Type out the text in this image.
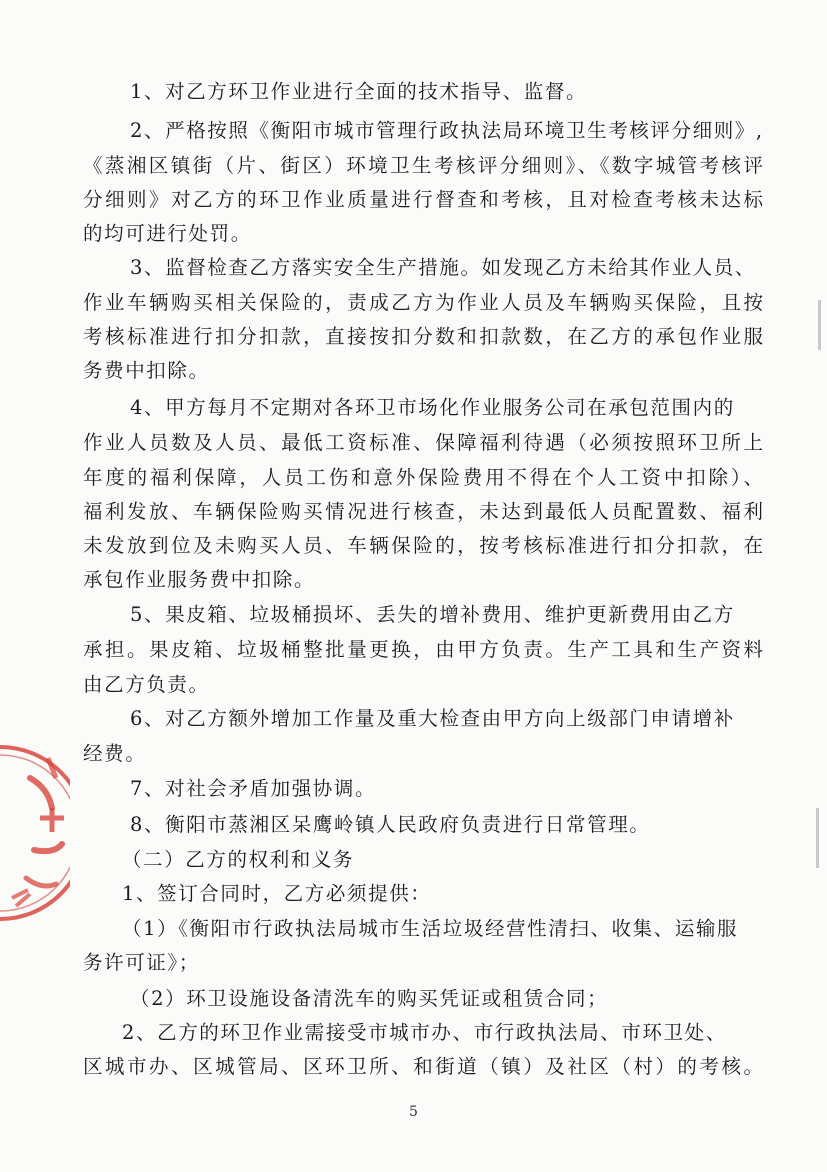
1、对乙方环卫作业进行全面的技术指导、监督。
2、严格按照《衡阳市城市管理行政执法局环境卫生考核评分细则》,
《蒸湘区镇街（片、街区）环境卫生考核评分细则》、《数字城管考核评
分细则》对乙方的环卫作业质量进行督查和考核，且对检查考核未达标
的均可进行处罚。
3、监督检查乙方落实安全生产措施。如发现乙方未给其作业人员、
作业车辆购买相关保险的，责成乙方为作业人员及车辆购买保险，且按
考核标准进行扣分扣款，直接按扣分数和扣款数，在乙方的承包作业服
务费中扣除。
4、甲方每月不定期对各环卫市场化作业服务公司在承包范围内的
作业人员数及人员、最低工资标准、保障福利待遇（必须按照环卫所上
年度的福利保障，人员工伤和意外保险费用不得在个人工资中扣除）、
福利发放、车辆保险购买情况进行核查，未达到最低人员配置数、福利
未发放到位及未购买人员、车辆保险的，按考核标准进行扣分扣款，在
承包作业服务费中扣除。
5、果皮箱、垃圾桶损坏、丢失的增补费用、维护更新费用由乙方
承担。果皮箱、垃圾桶整批量更换，由甲方负责。生产工具和生产资料
由乙方负责。
6、对乙方额外增加工作量及重大检查由甲方向上级部门申请增补
经费。
7、对社会矛盾加强协调。
8、衡阳市蒸湘区呆鹰岭镇人民政府负责进行日常管理。
（二）乙方的权利和义务
1、签订合同时，乙方必须提供：
（1）《衡阳市行政执法局城市生活垃圾经营性清扫、收集、运输服
务许可证》；
（2）环卫设施设备清洗车的购买凭证或租赁合同；
2、乙方的环卫作业需接受市城市办、市行政执法局、市环卫处、
区城市办、区城管局、区环卫所、和街道（镇）及社区（村）的考核。
5
